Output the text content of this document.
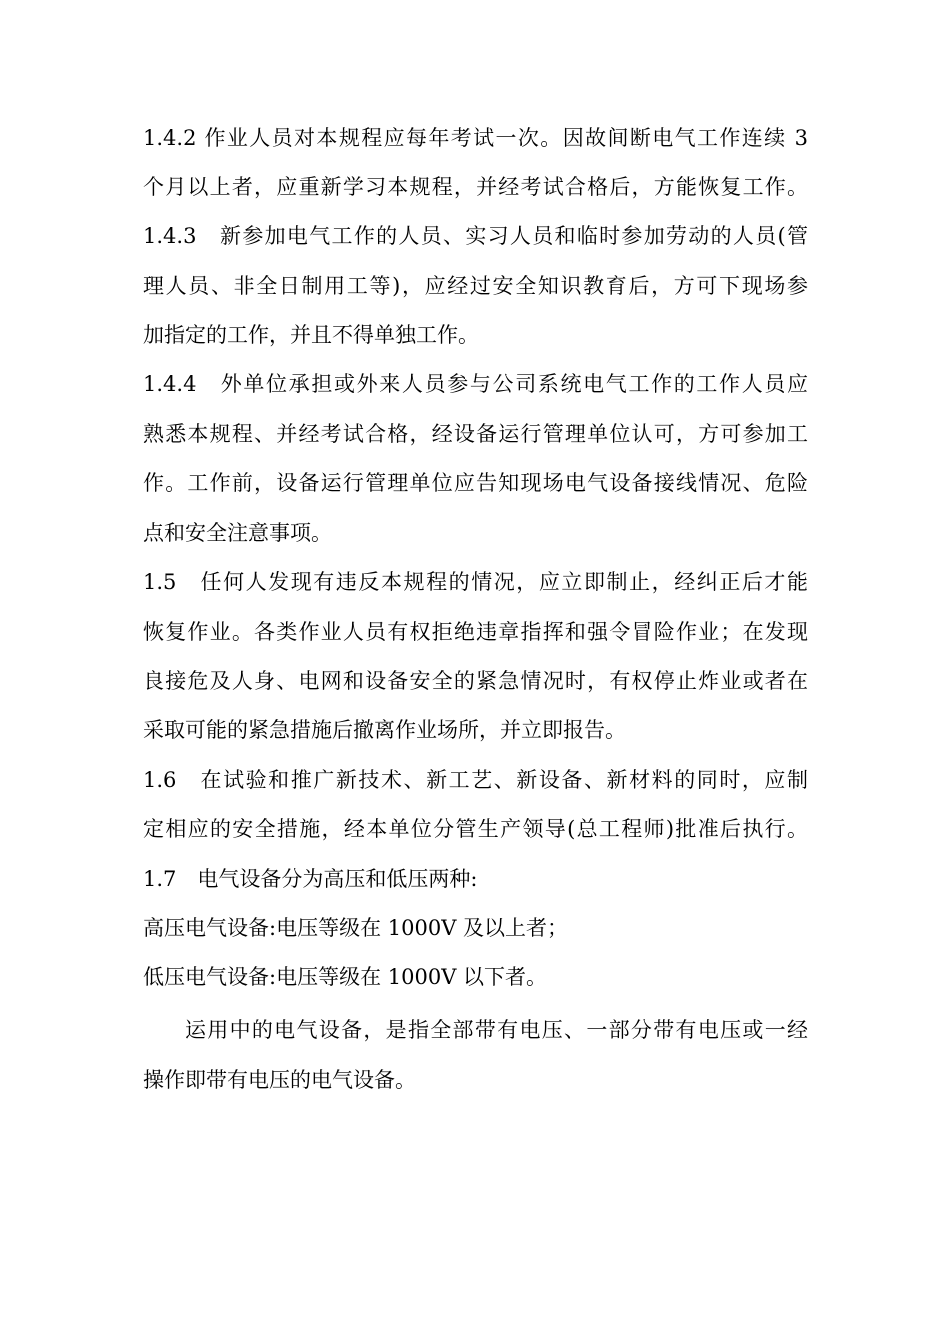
1.4.2 作业人员对本规程应每年考试一次。因故间断电气工作连续 3
个月以上者，应重新学习本规程，并经考试合格后，方能恢复工作。
1.4.3　新参加电气工作的人员、实习人员和临时参加劳动的人员(管
理人员、非全日制用工等)，应经过安全知识教育后，方可下现场参
加指定的工作，并且不得单独工作。
1.4.4　外单位承担或外来人员参与公司系统电气工作的工作人员应
熟悉本规程、并经考试合格，经设备运行管理单位认可，方可参加工
作。工作前，设备运行管理单位应告知现场电气设备接线情况、危险
点和安全注意事项。
1.5　任何人发现有违反本规程的情况，应立即制止，经纠正后才能
恢复作业。各类作业人员有权拒绝违章指挥和强令冒险作业；在发现
良接危及人身、电网和设备安全的紧急情况时，有权停止炸业或者在
采取可能的紧急措施后撤离作业场所，并立即报告。
1.6　在试验和推广新技术、新工艺、新设备、新材料的同时，应制
定相应的安全措施，经本单位分管生产领导(总工程师)批准后执行。
1.7　电气设备分为高压和低压两种:
高压电气设备:电压等级在 1000V 及以上者；
低压电气设备:电压等级在 1000V 以下者。
运用中的电气设备，是指全部带有电压、一部分带有电压或一经
操作即带有电压的电气设备。
